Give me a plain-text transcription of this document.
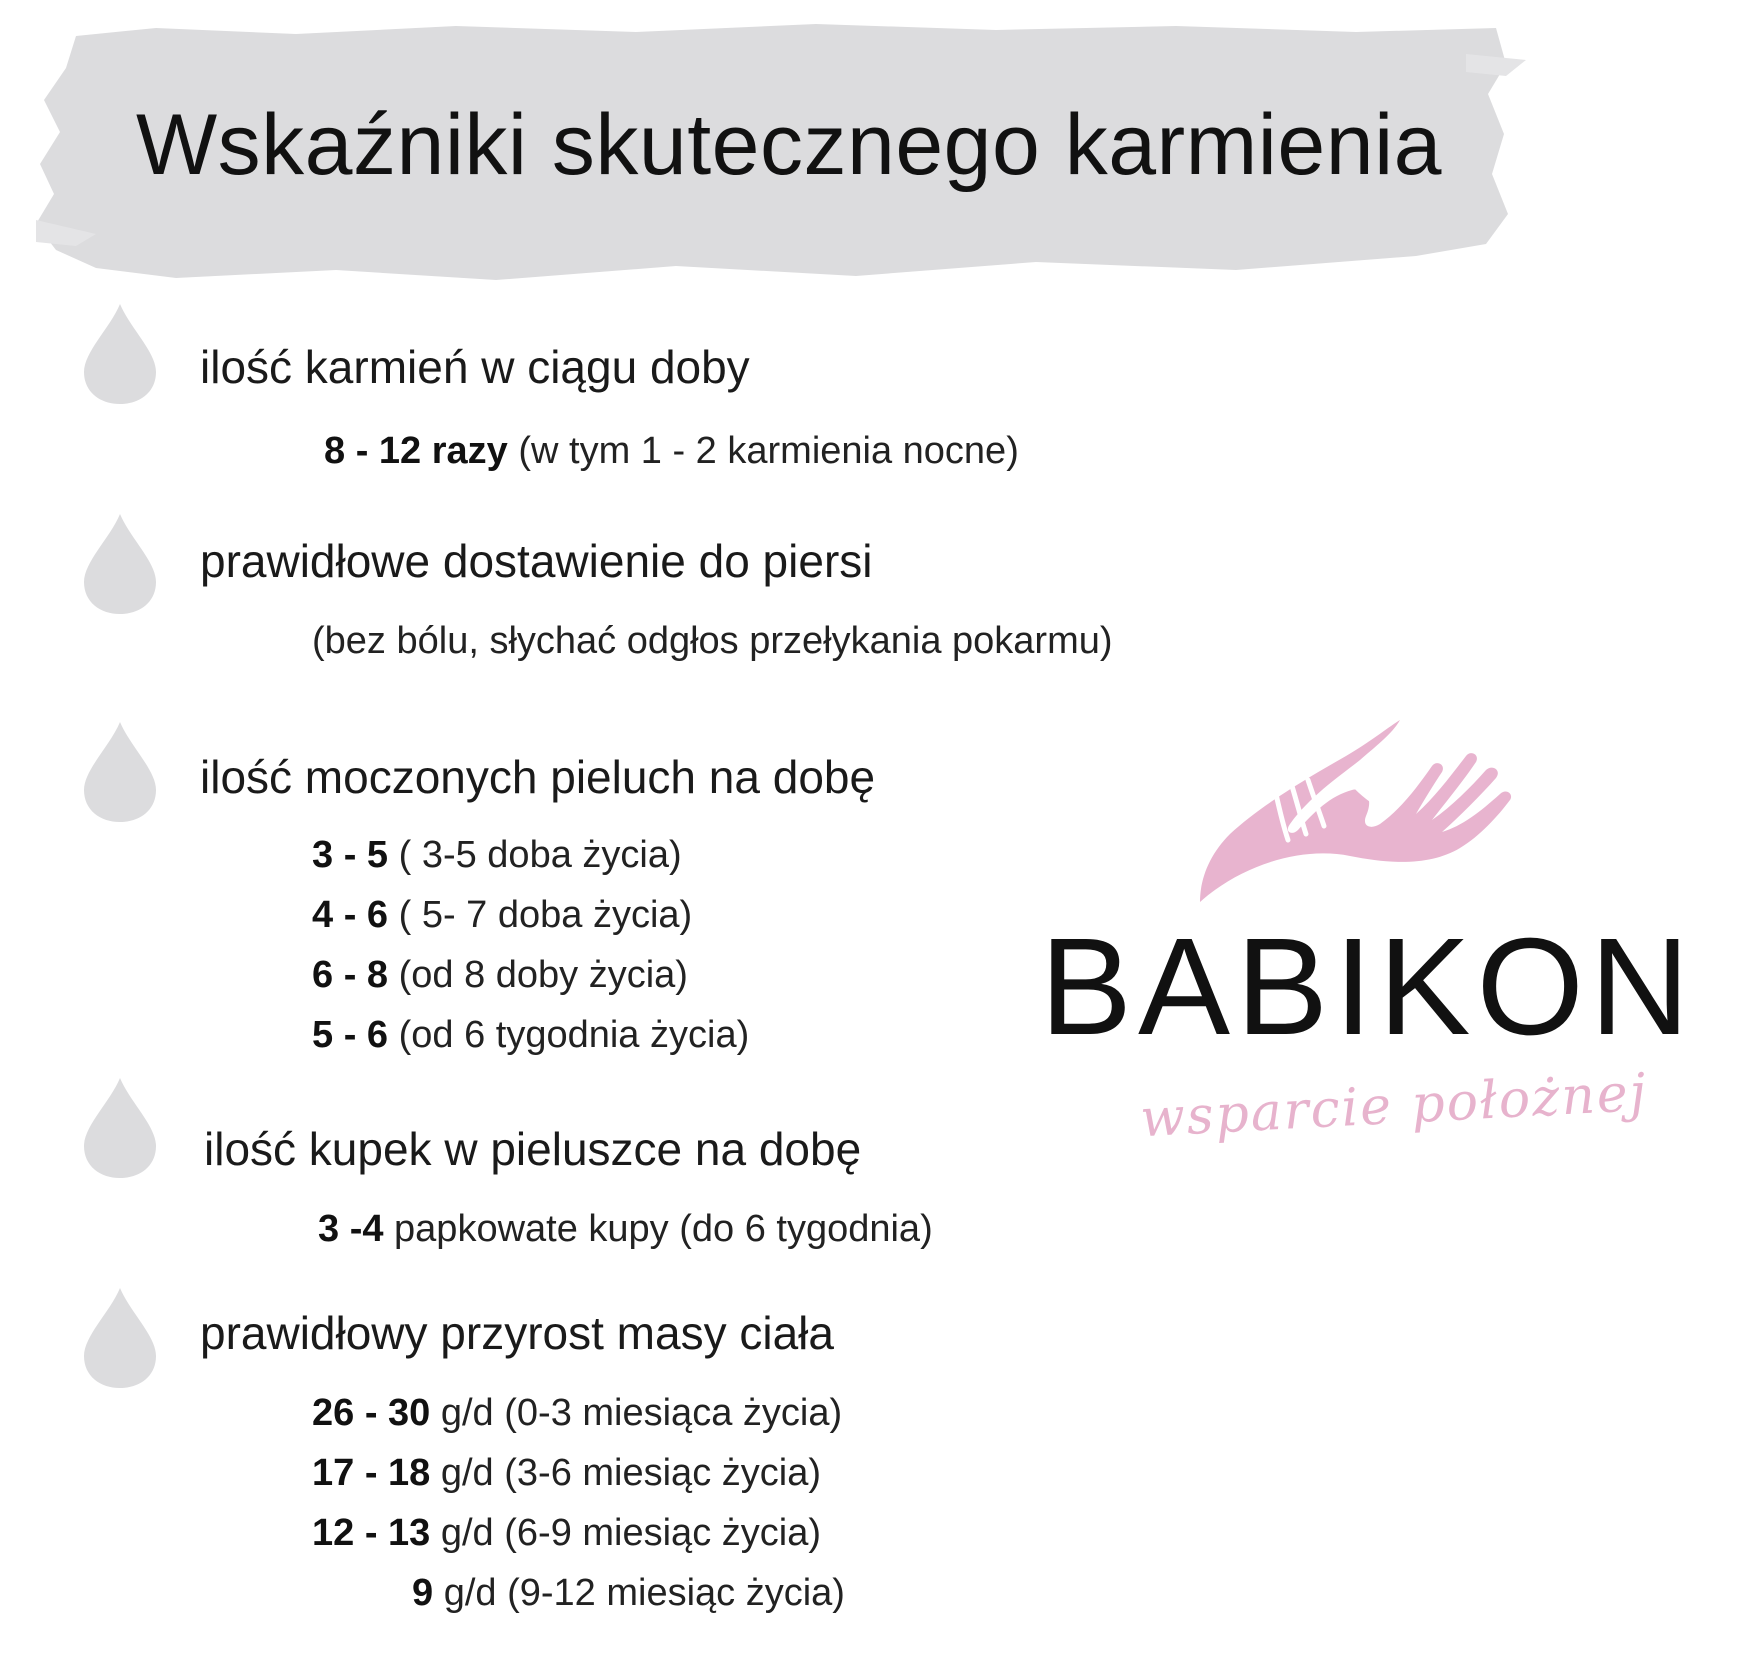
Wskaźniki skutecznego karmienia
ilość karmień w ciągu doby
8 - 12 razy (w tym 1 - 2 karmienia nocne)
prawidłowe dostawienie do piersi
(bez bólu, słychać odgłos przełykania pokarmu)
ilość moczonych pieluch na dobę
3 - 5 ( 3-5 doba życia)
4 - 6 ( 5- 7 doba życia)
6 - 8 (od 8 doby życia)
5 - 6 (od 6 tygodnia życia)
ilość kupek w pieluszce na dobę
3 -4 papkowate kupy (do 6 tygodnia)
prawidłowy przyrost masy ciała
26 - 30 g/d (0-3 miesiąca życia)
17 - 18 g/d (3-6 miesiąc życia)
12 - 13 g/d (6-9 miesiąc życia)
9 g/d (9-12 miesiąc życia)
BABIKON
wsparcie położnej
